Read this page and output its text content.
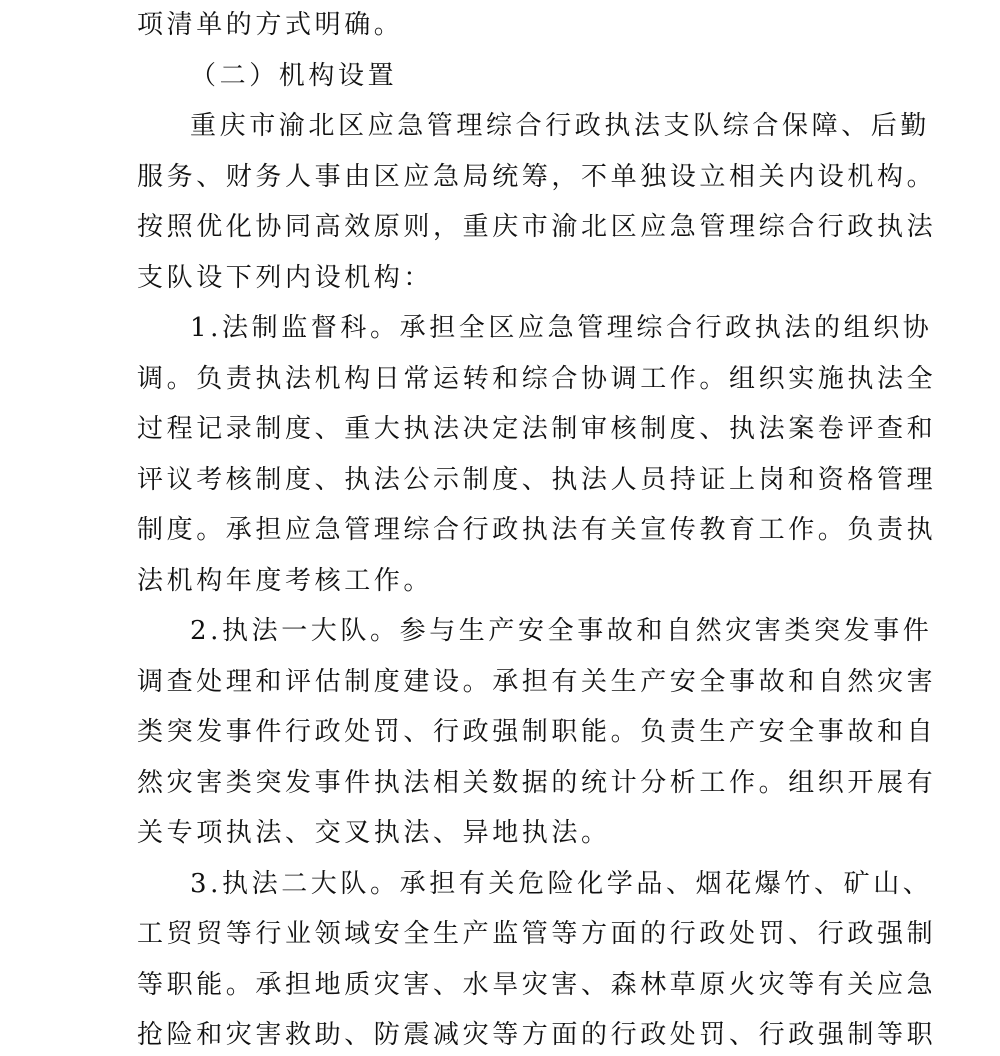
项清单的方式明确。
（二）机构设置
重庆市渝北区应急管理综合行政执法支队综合保障、后勤
服务、财务人事由区应急局统筹，不单独设立相关内设机构。
按照优化协同高效原则，重庆市渝北区应急管理综合行政执法
支队设下列内设机构：
1.法制监督科。承担全区应急管理综合行政执法的组织协
调。负责执法机构日常运转和综合协调工作。组织实施执法全
过程记录制度、重大执法决定法制审核制度、执法案卷评查和
评议考核制度、执法公示制度、执法人员持证上岗和资格管理
制度。承担应急管理综合行政执法有关宣传教育工作。负责执
法机构年度考核工作。
2.执法一大队。参与生产安全事故和自然灾害类突发事件
调查处理和评估制度建设。承担有关生产安全事故和自然灾害
类突发事件行政处罚、行政强制职能。负责生产安全事故和自
然灾害类突发事件执法相关数据的统计分析工作。组织开展有
关专项执法、交叉执法、异地执法。
3.执法二大队。承担有关危险化学品、烟花爆竹、矿山、
工贸贸等行业领域安全生产监管等方面的行政处罚、行政强制
等职能。承担地质灾害、水旱灾害、森林草原火灾等有关应急
抢险和灾害救助、防震减灾等方面的行政处罚、行政强制等职
